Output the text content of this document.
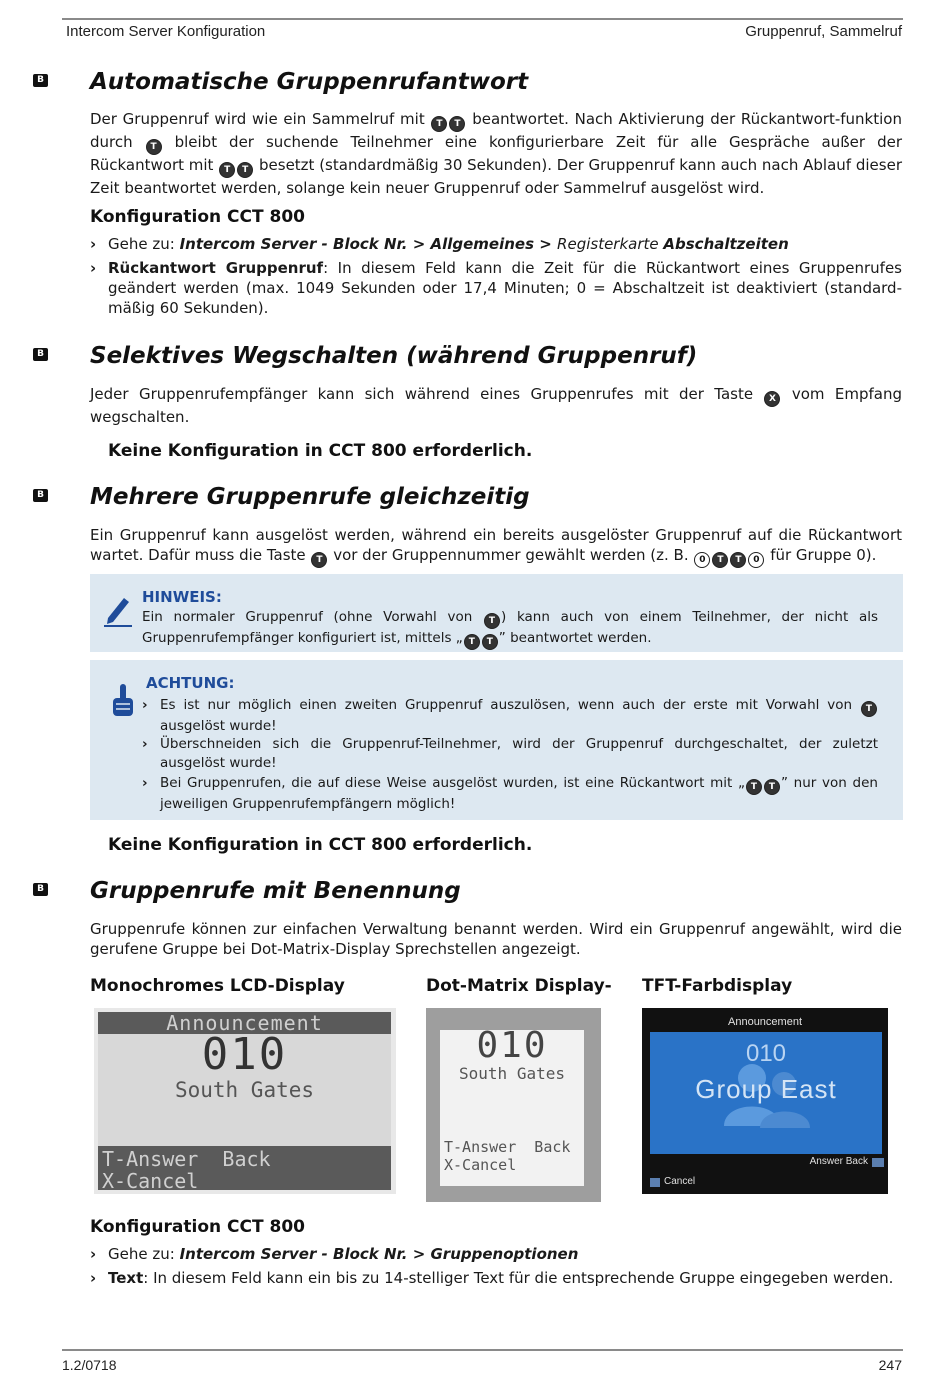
Intercom Server Konfiguration	Gruppenruf, Sammelruf
B Automatische Gruppenrufantwort

Der Gruppenruf wird wie ein Sammelruf mit T T beantwortet. Nach Aktivierung der Rückantwort-funktion durch T bleibt der suchende Teilnehmer eine konfigurierbare Zeit für alle Gespräche außer der Rückantwort mit T T besetzt (standardmäßig 30 Sekunden). Der Gruppenruf kann auch nach Ablauf dieser Zeit beantwortet werden, solange kein neuer Gruppenruf oder Sammelruf ausgelöst wird.

Konfiguration CCT 800
› Gehe zu: Intercom Server - Block Nr. > Allgemeines > Registerkarte Abschaltzeiten
› Rückantwort Gruppenruf: In diesem Feld kann die Zeit für die Rückantwort eines Gruppenrufes geändert werden (max. 1049 Sekunden oder 17,4 Minuten; 0 = Abschaltzeit ist deaktiviert (standard-mäßig 60 Sekunden).
B Selektives Wegschalten (während Gruppenruf)

Jeder Gruppenrufempfänger kann sich während eines Gruppenrufes mit der Taste X vom Empfang wegschalten.

Keine Konfiguration in CCT 800 erforderlich.
B Mehrere Gruppenrufe gleichzeitig

Ein Gruppenruf kann ausgelöst werden, während ein bereits ausgelöster Gruppenruf auf die Rückantwort wartet. Dafür muss die Taste T vor der Gruppennummer gewählt werden (z. B. 0 T T 0 für Gruppe 0).

HINWEIS:
Ein normaler Gruppenruf (ohne Vorwahl von T ) kann auch von einem Teilnehmer, der nicht als Gruppenrufempfänger konfiguriert ist, mittels „ T T ” beantwortet werden.
ACHTUNG:
› Es ist nur möglich einen zweiten Gruppenruf auszulösen, wenn auch der erste mit Vorwahl von T ausgelöst wurde!
› Überschneiden sich die Gruppenruf-Teilnehmer, wird der Gruppenruf durchgeschaltet, der zuletzt ausgelöst wurde!
› Bei Gruppenrufen, die auf diese Weise ausgelöst wurden, ist eine Rückantwort mit „ T T ” nur von den jeweiligen Gruppenrufempfängern möglich!
Keine Konfiguration in CCT 800 erforderlich.
B Gruppenrufe mit Benennung

Gruppenrufe können zur einfachen Verwaltung benannt werden. Wird ein Gruppenruf angewählt, wird die gerufene Gruppe bei Dot-Matrix-Display Sprechstellen angezeigt.

Monochromes LCD-Display	Dot-Matrix Display- TFT-Farbdisplay
Announcement
010
South Gates
T-Answer  Back
X-Cancel
010
South Gates
T-Answer  Back
X-Cancel
Announcement
010
Group East
Answer Back
Cancel
Konfiguration CCT 800
› Gehe zu: Intercom Server - Block Nr. > Gruppenoptionen
› Text: In diesem Feld kann ein bis zu 14-stelliger Text für die entsprechende Gruppe eingegeben werden.
1.2/0718	247
